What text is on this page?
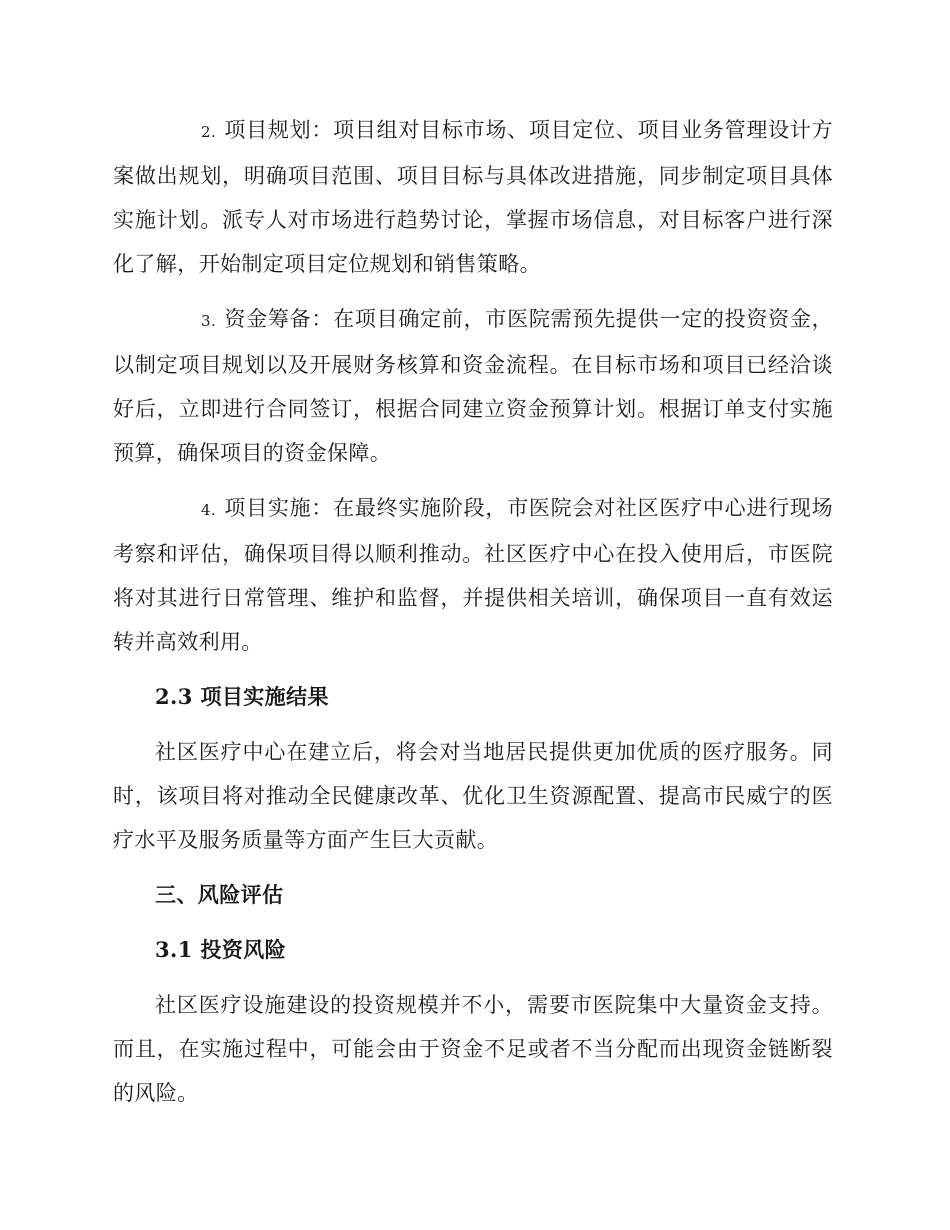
2. 项目规划：项目组对目标市场、项目定位、项目业务管理设计方案做出规划，明确项目范围、项目目标与具体改进措施，同步制定项目具体实施计划。派专人对市场进行趋势讨论，掌握市场信息，对目标客户进行深化了解，开始制定项目定位规划和销售策略。

3. 资金筹备：在项目确定前，市医院需预先提供一定的投资资金，以制定项目规划以及开展财务核算和资金流程。在目标市场和项目已经洽谈好后，立即进行合同签订，根据合同建立资金预算计划。根据订单支付实施预算，确保项目的资金保障。

4. 项目实施：在最终实施阶段，市医院会对社区医疗中心进行现场考察和评估，确保项目得以顺利推动。社区医疗中心在投入使用后，市医院将对其进行日常管理、维护和监督，并提供相关培训，确保项目一直有效运转并高效利用。

2.3 项目实施结果

社区医疗中心在建立后，将会对当地居民提供更加优质的医疗服务。同时，该项目将对推动全民健康改革、优化卫生资源配置、提高市民威宁的医疗水平及服务质量等方面产生巨大贡献。

三、风险评估
3.1 投资风险

社区医疗设施建设的投资规模并不小，需要市医院集中大量资金支持。而且，在实施过程中，可能会由于资金不足或者不当分配而出现资金链断裂的风险。
